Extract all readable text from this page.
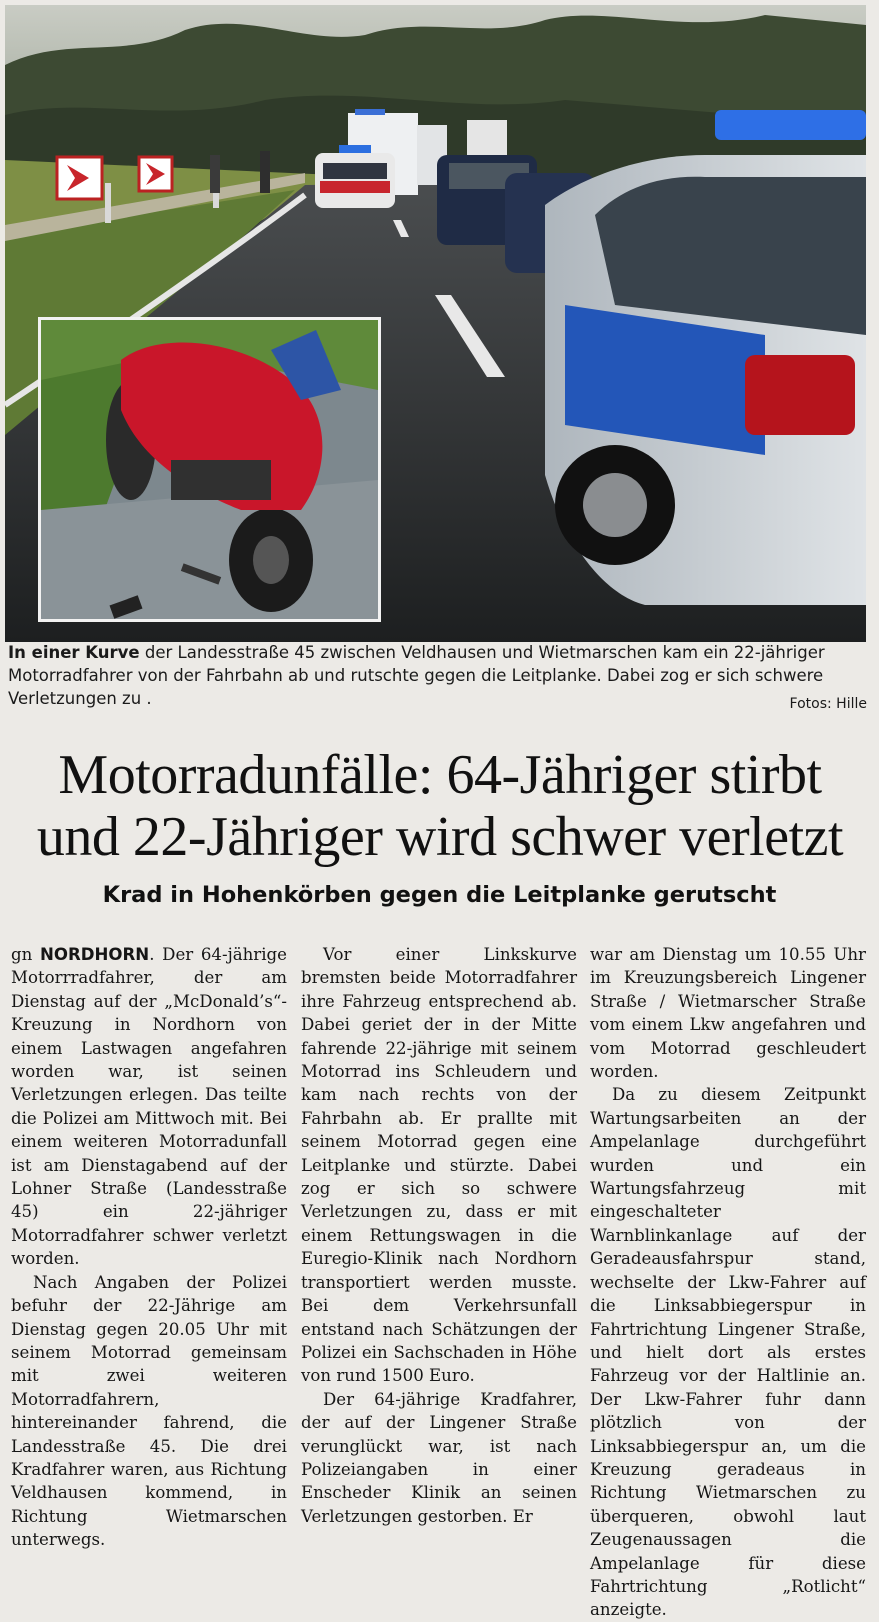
In einer Kurve der Landesstraße 45 zwischen Veldhausen und Wietmarschen kam ein 22-jähriger Motorradfahrer von der Fahrbahn ab und rutschte gegen die Leitplanke. Dabei zog er sich schwere Verletzungen zu .	Fotos: Hille
Motorradunfälle: 64-Jähriger stirbt
und 22-Jähriger wird schwer verletzt
Krad in Hohenkörben gegen die Leitplanke gerutscht

gn NORDHORN. Der 64-jährige Motorrradfahrer, der am Dienstag auf der „McDonald’s“-Kreuzung in Nordhorn von einem Lastwagen angefahren worden war, ist seinen Verletzungen erlegen. Das teilte die Polizei am Mittwoch mit. Bei einem weiteren Motorradunfall ist am Dienstagabend auf der Lohner Straße (Landesstraße 45) ein 22-jähriger Motorradfahrer schwer verletzt worden.

Nach Angaben der Polizei befuhr der 22-Jährige am Dienstag gegen 20.05 Uhr mit seinem Motorrad gemeinsam mit zwei weiteren Motorradfahrern, hintereinander fahrend, die Landesstraße 45. Die drei Kradfahrer waren, aus Richtung Veldhausen kommend, in Richtung Wietmarschen unterwegs.

Vor einer Linkskurve bremsten beide Motorradfahrer ihre Fahrzeug entsprechend ab. Dabei geriet der in der Mitte fahrende 22-jährige mit seinem Motorrad ins Schleudern und kam nach rechts von der Fahrbahn ab. Er prallte mit seinem Motorrad gegen eine Leitplanke und stürzte. Dabei zog er sich so schwere Verletzungen zu, dass er mit einem Rettungswagen in die Euregio-Klinik nach Nordhorn transportiert werden musste. Bei dem Verkehrsunfall entstand nach Schätzungen der Polizei ein Sachschaden in Höhe von rund 1500 Euro.

Der 64-jährige Kradfahrer, der auf der Lingener Straße verunglückt war, ist nach Polizeiangaben in einer Enscheder Klinik an seinen Verletzungen gestorben. Er

war am Dienstag um 10.55 Uhr im Kreuzungsbereich Lingener Straße / Wietmarscher Straße vom einem Lkw angefahren und vom Motorrad geschleudert worden.

Da zu diesem Zeitpunkt Wartungsarbeiten an der Ampelanlage durchgeführt wurden und ein Wartungsfahrzeug mit eingeschalteter Warnblinkanlage auf der Geradeausfahrspur stand, wechselte der Lkw-Fahrer auf die Linksabbiegerspur in Fahrtrichtung Lingener Straße, und hielt dort als erstes Fahrzeug vor der Haltlinie an. Der Lkw-Fahrer fuhr dann plötzlich von der Linksabbiegerspur an, um die Kreuzung geradeaus in Richtung Wietmarschen zu überqueren, obwohl laut Zeugenaussagen die Ampelanlage für diese Fahrtrichtung „Rotlicht“ anzeigte.
